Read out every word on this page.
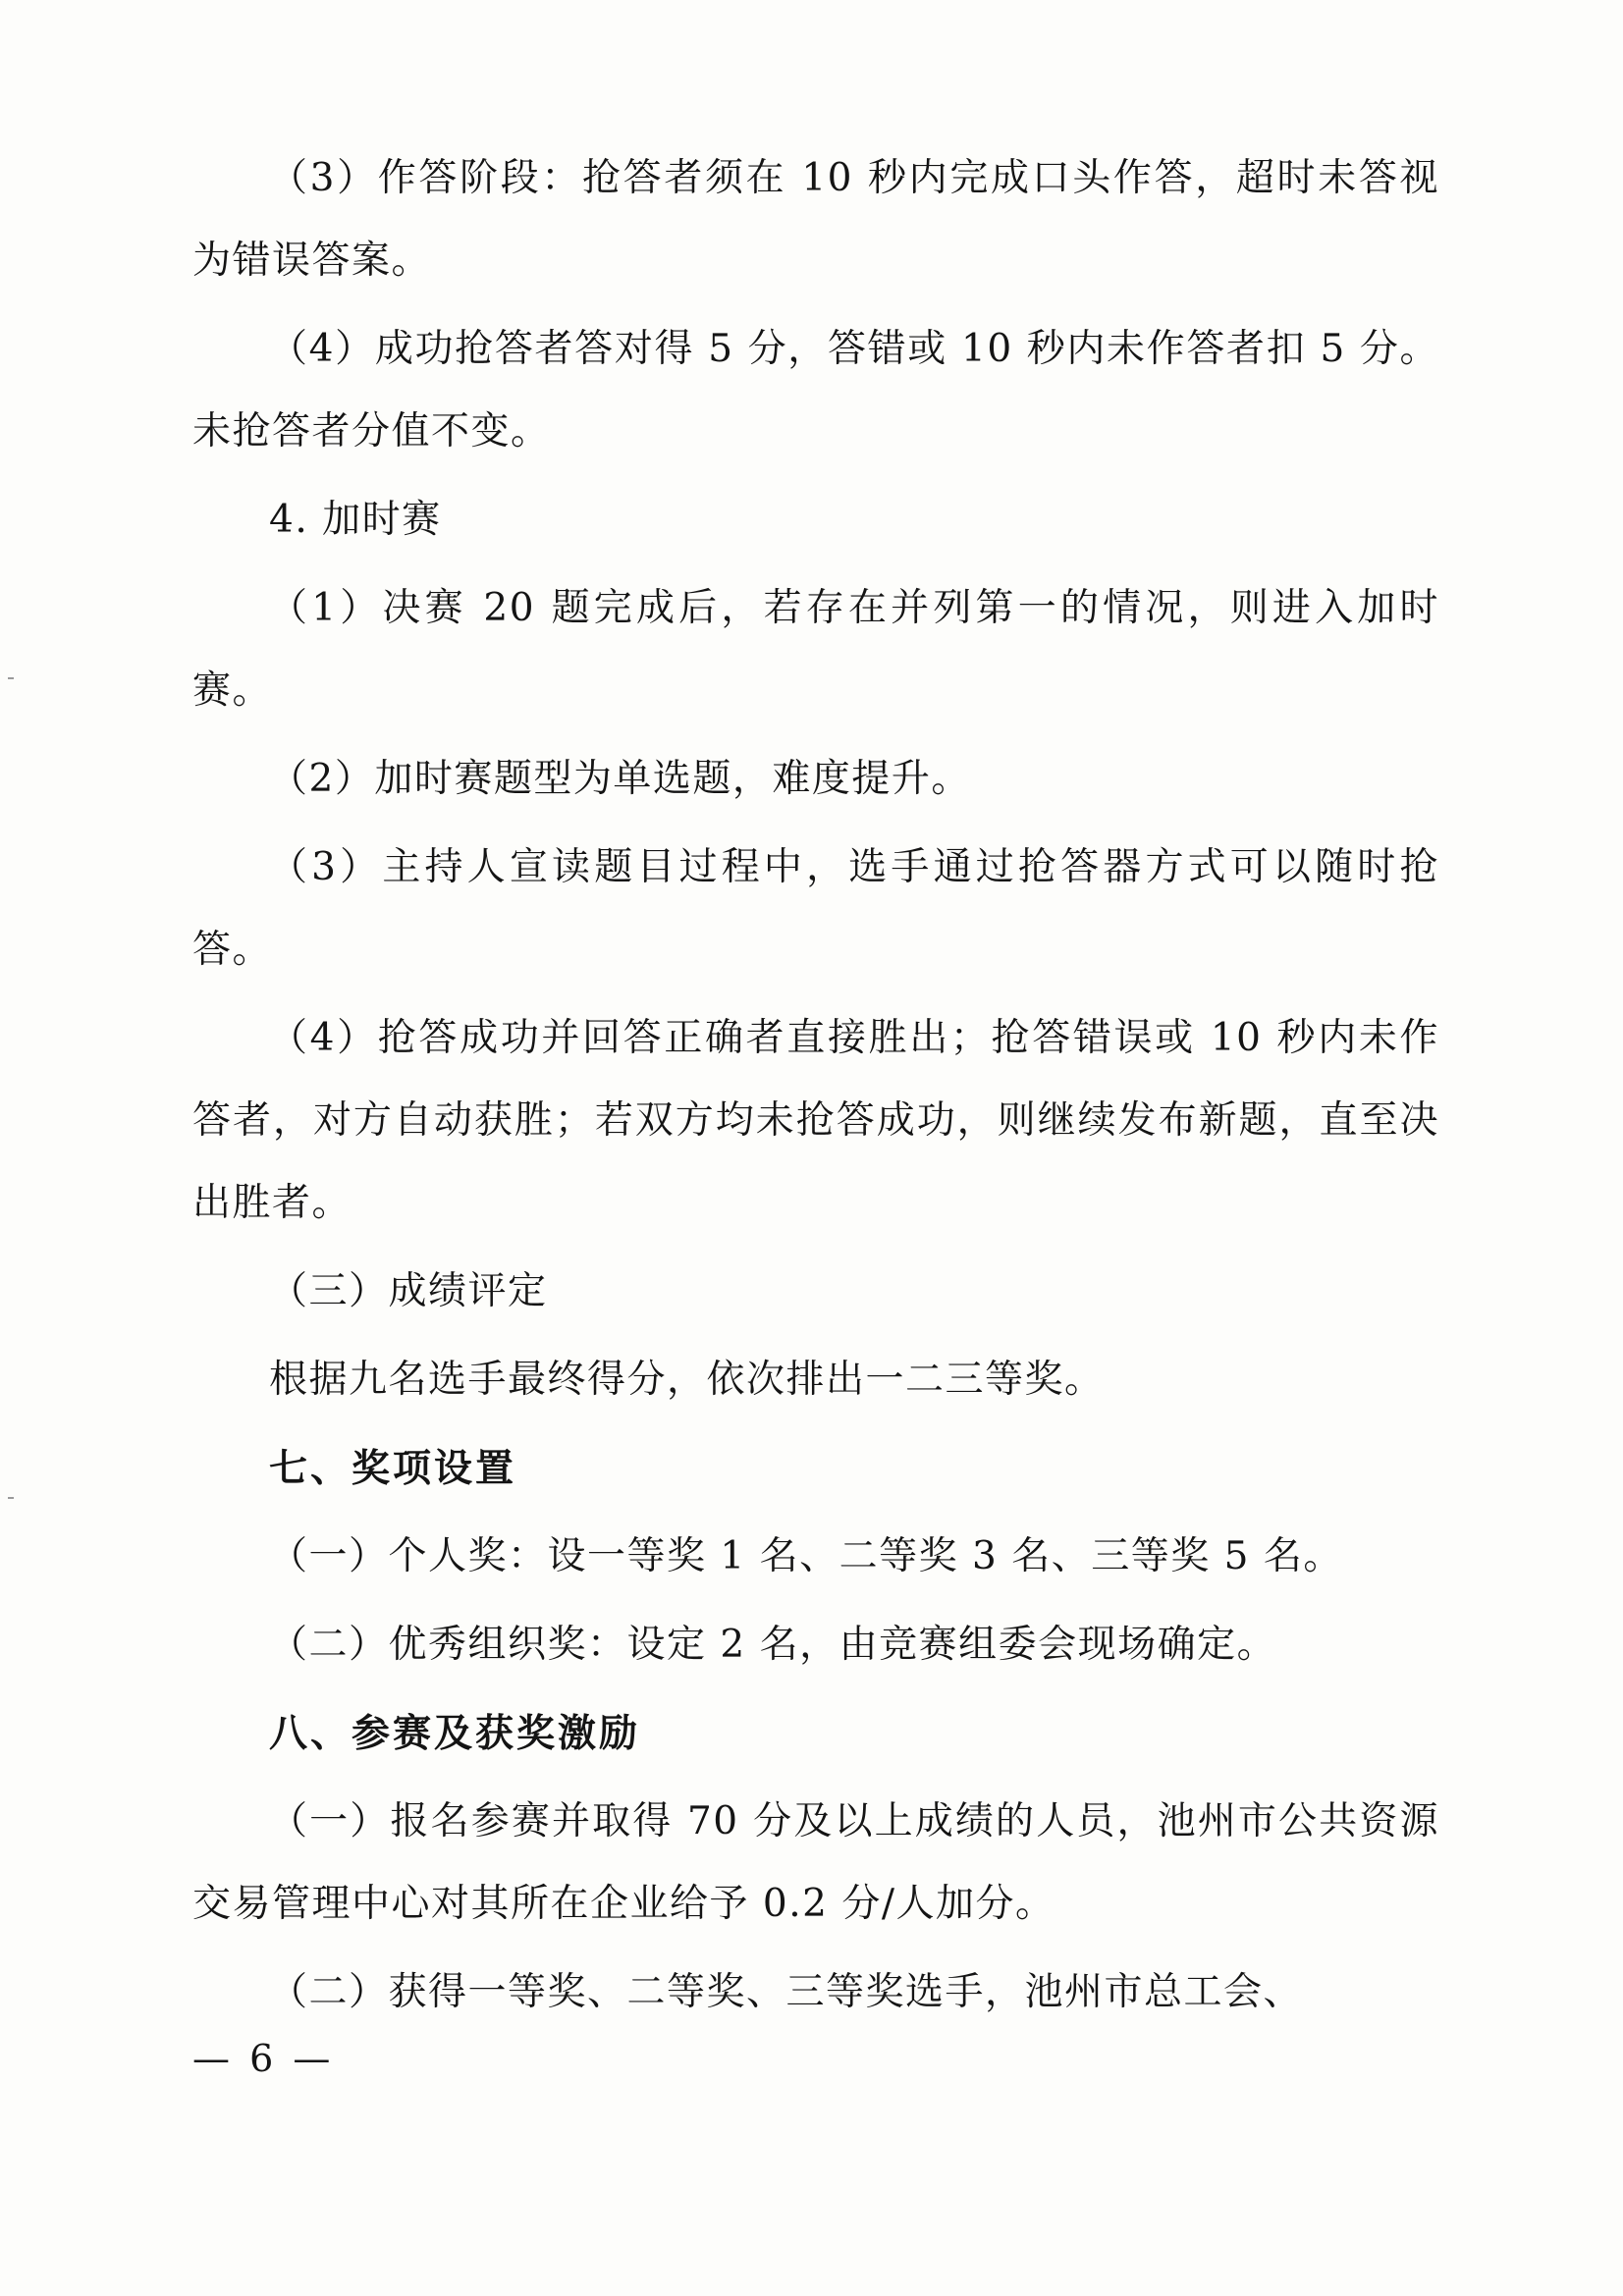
（3）作答阶段：抢答者须在 10 秒内完成口头作答，超时未答视为错误答案。

（4）成功抢答者答对得 5 分，答错或 10 秒内未作答者扣 5 分。未抢答者分值不变。

4. 加时赛

（1）决赛 20 题完成后，若存在并列第一的情况，则进入加时赛。

（2）加时赛题型为单选题，难度提升。

（3）主持人宣读题目过程中，选手通过抢答器方式可以随时抢答。

（4）抢答成功并回答正确者直接胜出；抢答错误或 10 秒内未作答者，对方自动获胜；若双方均未抢答成功，则继续发布新题，直至决出胜者。

（三）成绩评定

根据九名选手最终得分，依次排出一二三等奖。

七、奖项设置

（一）个人奖：设一等奖 1 名、二等奖 3 名、三等奖 5 名。

（二）优秀组织奖：设定 2 名，由竞赛组委会现场确定。

八、参赛及获奖激励

（一）报名参赛并取得 70 分及以上成绩的人员，池州市公共资源交易管理中心对其所在企业给予 0.2 分/人加分。

（二）获得一等奖、二等奖、三等奖选手，池州市总工会、

— 6 —
